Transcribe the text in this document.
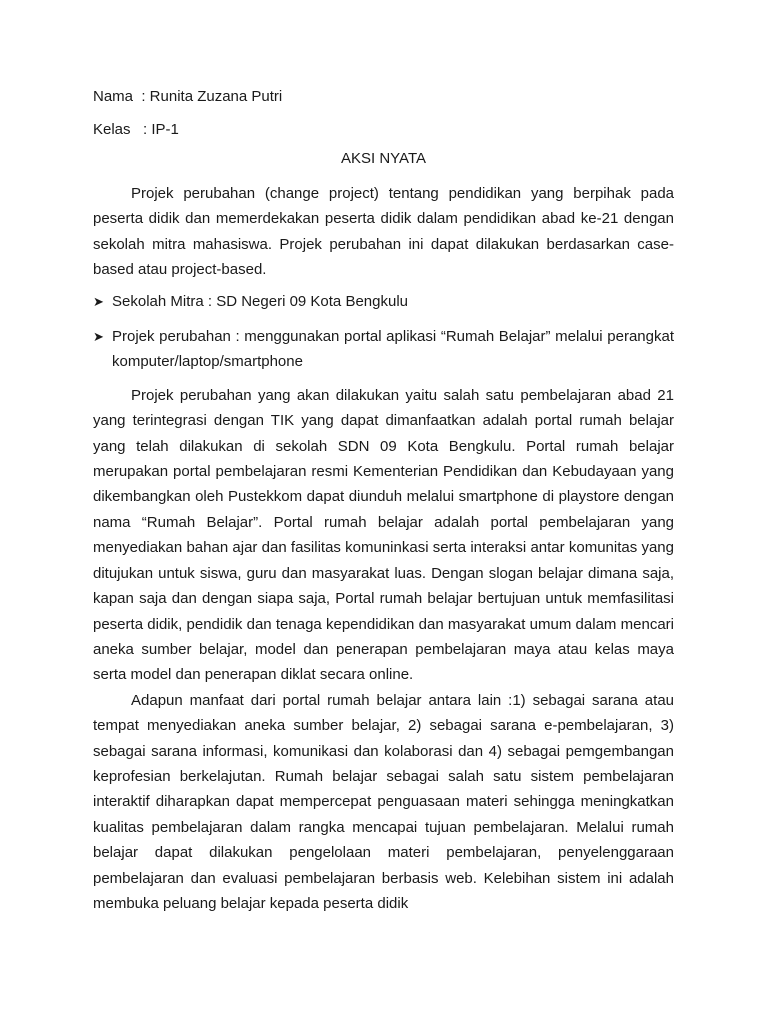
Nama  : Runita Zuzana Putri
Kelas   : IP-1
AKSI NYATA

Projek perubahan (change project) tentang pendidikan yang berpihak pada peserta didik dan memerdekakan peserta didik dalam pendidikan abad ke-21 dengan sekolah mitra mahasiswa. Projek perubahan ini dapat dilakukan berdasarkan case-based atau project-based.

➤ Sekolah Mitra : SD Negeri 09 Kota Bengkulu
➤ Projek perubahan : menggunakan portal aplikasi “Rumah Belajar” melalui perangkat komputer/laptop/smartphone

Projek perubahan yang akan dilakukan yaitu salah satu pembelajaran abad 21 yang terintegrasi dengan TIK yang dapat dimanfaatkan adalah portal rumah belajar yang telah dilakukan di sekolah SDN 09 Kota Bengkulu. Portal rumah belajar merupakan portal pembelajaran resmi Kementerian Pendidikan dan Kebudayaan yang dikembangkan oleh Pustekkom dapat diunduh melalui smartphone di playstore dengan nama “Rumah Belajar”. Portal rumah belajar adalah portal pembelajaran yang menyediakan bahan ajar dan fasilitas komuninkasi serta interaksi antar komunitas yang ditujukan untuk siswa, guru dan masyarakat luas. Dengan slogan belajar dimana saja, kapan saja dan dengan siapa saja, Portal rumah belajar bertujuan untuk memfasilitasi peserta didik, pendidik dan tenaga kependidikan dan masyarakat umum dalam mencari aneka sumber belajar, model dan penerapan pembelajaran maya atau kelas maya serta model dan penerapan diklat secara online.

Adapun manfaat dari portal rumah belajar antara lain :1) sebagai sarana atau tempat menyediakan aneka sumber belajar, 2) sebagai sarana e-pembelajaran, 3) sebagai sarana informasi, komunikasi dan kolaborasi dan 4) sebagai pemgembangan keprofesian berkelajutan. Rumah belajar sebagai salah satu sistem pembelajaran interaktif diharapkan dapat mempercepat penguasaan materi sehingga meningkatkan kualitas pembelajaran dalam rangka mencapai tujuan pembelajaran. Melalui rumah belajar dapat dilakukan pengelolaan materi pembelajaran, penyelenggaraan pembelajaran dan evaluasi pembelajaran berbasis web. Kelebihan sistem ini adalah membuka peluang belajar kepada peserta didik
